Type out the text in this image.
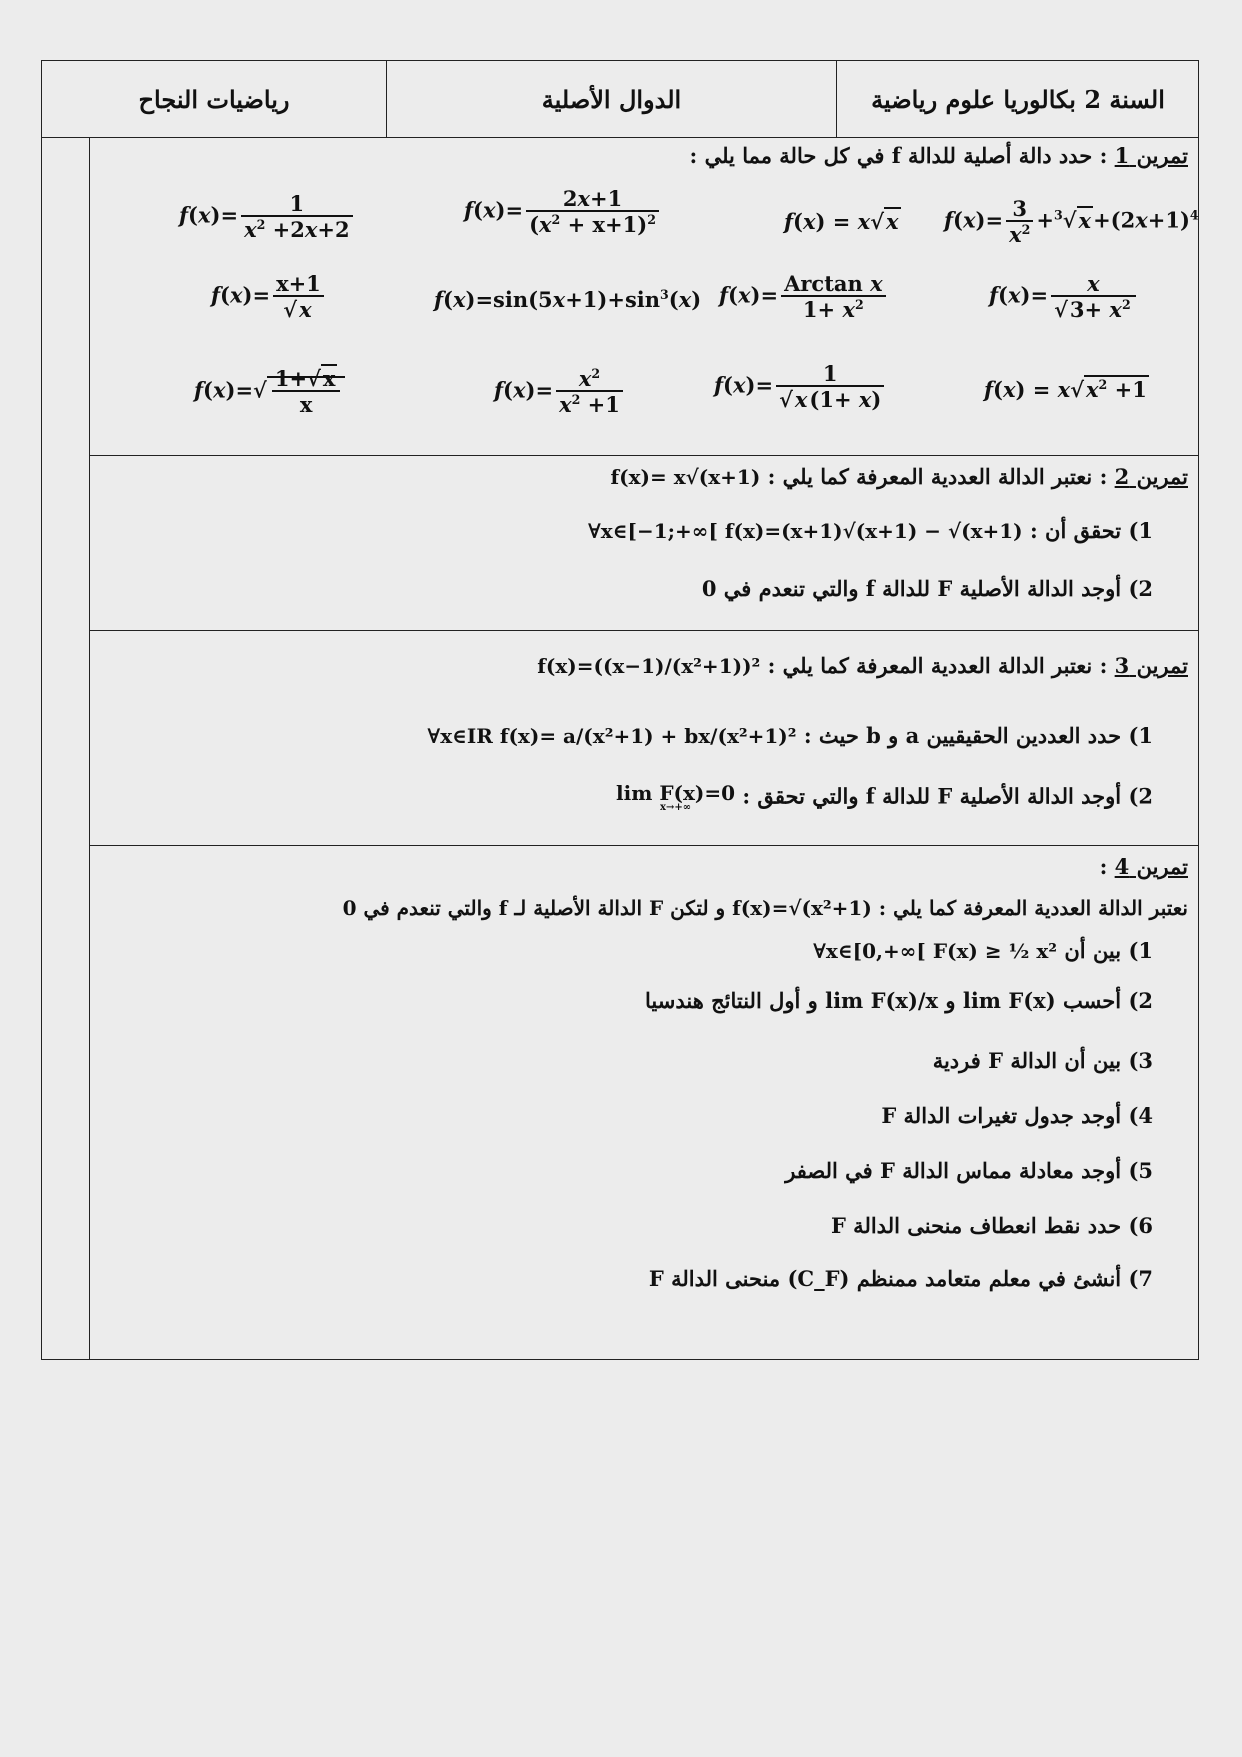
رياضيات النجاح	الدوال الأصلية	السنة 2 بكالوريا علوم رياضية
تمرين 1 : حدد دالة أصلية للدالة f في كل حالة مما يلي :
$f(x)= \frac{3}{x^2} +^3√x+(2x+1)^4$
f(x) = x√x
$f(x)= \frac{2x+1}{(x^2 + x+1)^2}$
$f(x)= \frac{1}{x^2 +2x+2}$
$f(x)= \frac{x}{√3+ x^2}$
$f(x)= \frac{\text{Arctan x}}{1+ x^2}$
$f(x)=\sin(5x+1)+\sin^3(x)$
$f(x)= \frac{x+1}{√x}$
$f(x) = x√x^2 +1$
$f(x)= \frac{1}{√x(1+ x)}$
$f(x)= \frac{x^2}{x^2 +1}$
$f(x)=√ \frac{1+√x}{x}$
تمرين 2 : نعتبر الدالة العددية المعرفة كما يلي : f(x)= x√(x+1)
1) تحقق أن : ∀x∈[−1;+∞[ f(x)=(x+1)√(x+1) − √(x+1)
2) أوجد الدالة الأصلية F للدالة f والتي تنعدم في 0
تمرين 3 : نعتبر الدالة العددية المعرفة كما يلي : f(x)=((x−1)/(x²+1))²
1) حدد العددين الحقيقيين a و b حيث : ∀x∈IR f(x)= a/(x²+1) + bx/(x²+1)²
2) أوجد الدالة الأصلية F للدالة f والتي تحقق : lim F(x)=0
x→+∞
تمرين 4 :
نعتبر الدالة العددية المعرفة كما يلي : f(x)=√(x²+1) و لتكن F الدالة الأصلية لـ f والتي تنعدم في 0
1) بين أن ∀x∈[0,+∞[ F(x) ≥ ½ x²
2) أحسب lim F(x) و lim F(x)/x و أول النتائج هندسيا
3) بين أن الدالة F فردية
4) أوجد جدول تغيرات الدالة F
5) أوجد معادلة مماس الدالة F في الصفر
6) حدد نقط انعطاف منحنى الدالة F
7) أنشئ في معلم متعامد ممنظم (C_F) منحنى الدالة F
